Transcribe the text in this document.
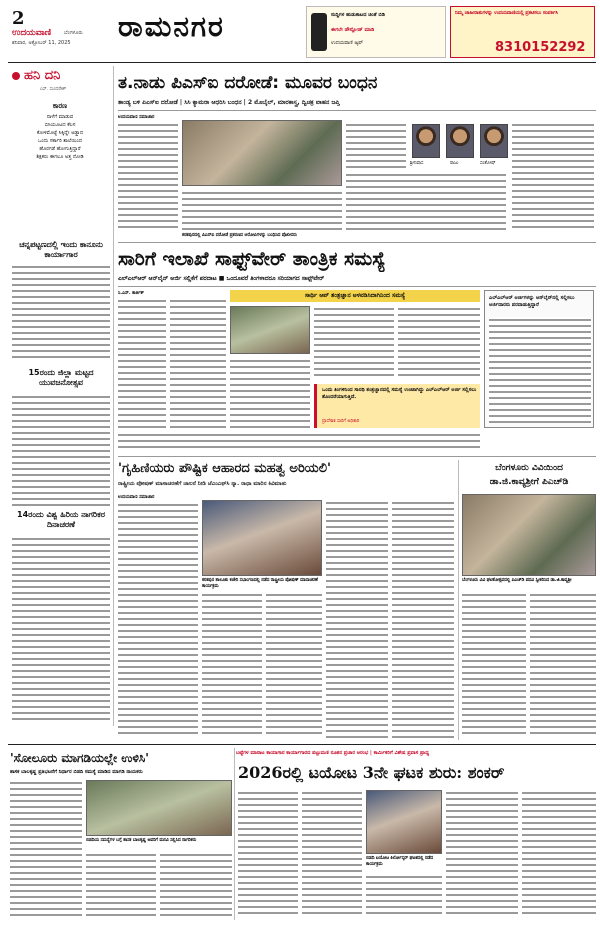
2
ಉದಯವಾಣಿ	ಬೆಂಗಳೂರು
ಶನಿವಾರ, ಅಕ್ಟೋಬರ್ 11, 2025 ರಾಮನಗರ	ಸುದ್ದಿಗಳ ಹುಡುಕಾಟದ ಚಿಂತೆ ಬಿಡಿ
ಈಗಲೇ ಡೌನ್ಲೋಡ್ ಮಾಡಿ
ಉದಯವಾಣಿ ಆ್ಯಪ್
ನಿಮ್ಮ ಜಾಹೀರಾತುಗಳನ್ನು ಉದಯವಾಣಿಯಲ್ಲಿ ಪ್ರಕಟಿಸಲು ಸಂಪರ್ಕಿಸಿ
8310152292
ಹನಿ ದನಿ
ಎಸ್. ಸುಂದರೇಶ್
ಕಾರಣ
ನಾಳೆಗೆ ಮಾಡುವ
ಬಿಸಿಯೂಟದ ಕೆಲಸ
ಕೋಳಿಮೊಟ್ಟೆ ಸಿಕ್ಕಿದ್ದೇ ಅಡ್ಡಾದ
ಒಂದು ಸರ್ಕಾರಿ ಶಾಲೆಯಿಂದ
ಹೊರಗಡೆ ಹೋಗುತ್ತಿದ್ದಾರೆ
ಶಿಕ್ಷಕರು ಈಗಲೂ ಅತ್ತ ನೋಡಿ
ಚನ್ನಪಟ್ಟಣದಲ್ಲಿ ಇಂದು ಕಾನೂನು ಕಾರ್ಯಾಗಾರ
15ರಂದು ಜಿಲ್ಲಾ ಮಟ್ಟದ ಯುವಜನೋತ್ಸವ
14ರಂದು ವಿಶ್ವ ಹಿರಿಯ ನಾಗರಿಕರ ದಿನಾಚರಣೆ
ತ.ನಾಡು ಪಿಎಸ್‌ಐ ದರೋಡೆ: ಮೂವರ ಬಂಧನ
ತಾಂಡ್ಯ ಬಳಿ ಪಿಎಸ್‌ಐ ದರೋಡೆ | ಸಿಸಿ ಕ್ಯಾಮರಾ ಆಧರಿಸಿ ಬಂಧನ | 2 ಮೊಬೈಲ್, ಮಾರಕಾಸ್ತ್ರ, ದ್ವಿಚಕ್ರ ವಾಹನ ಜಪ್ತಿ
ಉದಯವಾಣಿ ಸಮಾಚಾರ
ಕನಕಪುರದಲ್ಲಿ ಪಿಎಸ್‌ಐ ದರೋಡೆ ಪ್ರಕರಣದ ಆರೋಪಿಗಳನ್ನು ಬಂಧಿಸಿದ ಪೊಲೀಸರು
ಶ್ರೀನಿವಾಸ	ರಾಜು	ಸಂತೋಷ್
ಸಾರಿಗೆ ಇಲಾಖೆ ಸಾಫ್ಟ್‌ವೇರ್ ತಾಂತ್ರಿಕ ಸಮಸ್ಯೆ
ಎಲ್‌ಎಲ್‌ಆರ್ ಆನ್‌ಲೈನ್ ಅರ್ಜಿ ಸಲ್ಲಿಕೆಗೆ ಪರದಾಟ ■ ಒಂದೂವರೆ ತಿಂಗಳಾದರೂ ಸರಿಯಾಗದ ಸಾಫ್ಟ್‌ವೇರ್
ಸಿ.ಎಸ್. ಕಾರ್ತಿಕ್	ಸಾರ್ಥಿ ಆಪ್ ತಂತ್ರಜ್ಞಾನ ಅಳವಡಿಸಿದಾಗಿನಿಂದ ಸಮಸ್ಯೆ
ಒಂದು ತಿಂಗಳಿನಿಂದ ಸಾರಥಿ ತಂತ್ರಜ್ಞಾನದಲ್ಲಿ ಸಮಸ್ಯೆ ಉಂಟಾಗಿದ್ದು ಎಲ್‌ಎಲ್‌ಆರ್ ಅರ್ಜಿ ಸಲ್ಲಿಸಲು ತೊಂದರೆಯಾಗುತ್ತಿದೆ.
ಪ್ರಾದೇಶಿಕ ಸಾರಿಗೆ ಅಧಿಕಾರಿ
ಎಲ್‌ಎಲ್‌ಆರ್ ಅರ್ಜಿಗಳನ್ನು ಆನ್‌ಲೈನ್‌ನಲ್ಲಿ ಸಲ್ಲಿಸಲು ಅರ್ಜಿದಾರರು ಪರದಾಡುತ್ತಿದ್ದಾರೆ
'ಗೃಹಿಣಿಯರು ಪೌಷ್ಟಿಕ ಆಹಾರದ ಮಹತ್ವ ಅರಿಯಲಿ'
ರಾಷ್ಟ್ರೀಯ ಪೋಷಣ್ ಮಾಸಾಚರಣೆಗೆ ಚಾಲನೆ ನೀಡಿ ಜೆಎಂಎಫ್‌ಸಿ ನ್ಯಾ. ರಾಧಾ ಮಾರಿನ ಕಿವಿಮಾತು
ಉದಯವಾಣಿ ಸಮಾಚಾರ
ಕನಕಪುರ ತಾಲೂಕು ಕಚೇರಿ ಸಭಾಂಗಣದಲ್ಲಿ ನಡೆದ ರಾಷ್ಟ್ರೀಯ ಪೋಷಣ್ ಮಾಸಾಚರಣೆ ಕಾರ್ಯಕ್ರಮ
ಬೆಂಗಳೂರು ವಿವಿಯಿಂದ
ಡಾ.ಜಿ.ಕಾವ್ಯಶ್ರೀಗೆ ಪಿಎಚ್‌ಡಿ
ಬೆಂಗಳೂರು ವಿವಿ ಘಟಿಕೋತ್ಸವದಲ್ಲಿ ಪಿಎಚ್‌ಡಿ ಪದವಿ ಸ್ವೀಕರಿಸಿದ ಡಾ.ಜಿ.ಕಾವ್ಯಶ್ರೀ
ಬಟ್ಟೆಗಳ ಮಾರಾಟ ಕಾಯಾಗಾರ ಕಾರ್ಯಾಗಾರದ ಪಟ್ಟುಮಣಿ ನೂತನ ಪ್ರಚಾರ ಆರಂಭ | ಕಾರ್ಮಿಕರಿಗೆ ವಿಶೇಷ ಪ್ರವಾಸ ಪ್ರಾಧ್ಯ
'ಸೋಲೂರು ಮಾಗಡಿಯಲ್ಲೇ ಉಳಿಸಿ'
ಶಾಸಕ ಬಾಲಕೃಷ್ಣ ಪ್ರತಿಭಟನೆಗೆ ನಿರ್ಧಾರ ಬಿಡದಿ ಸಮಸ್ಯೆ ಮಾಡಿದ ಮಾಗಡಿ ನಾಯಕರು
ಬಿಡದಿಯ ಸಮಸ್ಯೆಗಳ ಬಗ್ಗೆ ಶಾಸಕ ಬಾಲಕೃಷ್ಣ ಅವರಿಗೆ ಮನವಿ ಸಲ್ಲಿಸಿದ ನಾಗರಿಕರು
2026ರಲ್ಲಿ ಟಯೋಟ 3ನೇ ಘಟಕ ಶುರು: ಶಂಕರ್
ಬಿಡದಿ ಟಯೋಟ ಕಿರ್ಲೋಸ್ಕರ್ ಘಟಕದಲ್ಲಿ ನಡೆದ ಕಾರ್ಯಕ್ರಮ
